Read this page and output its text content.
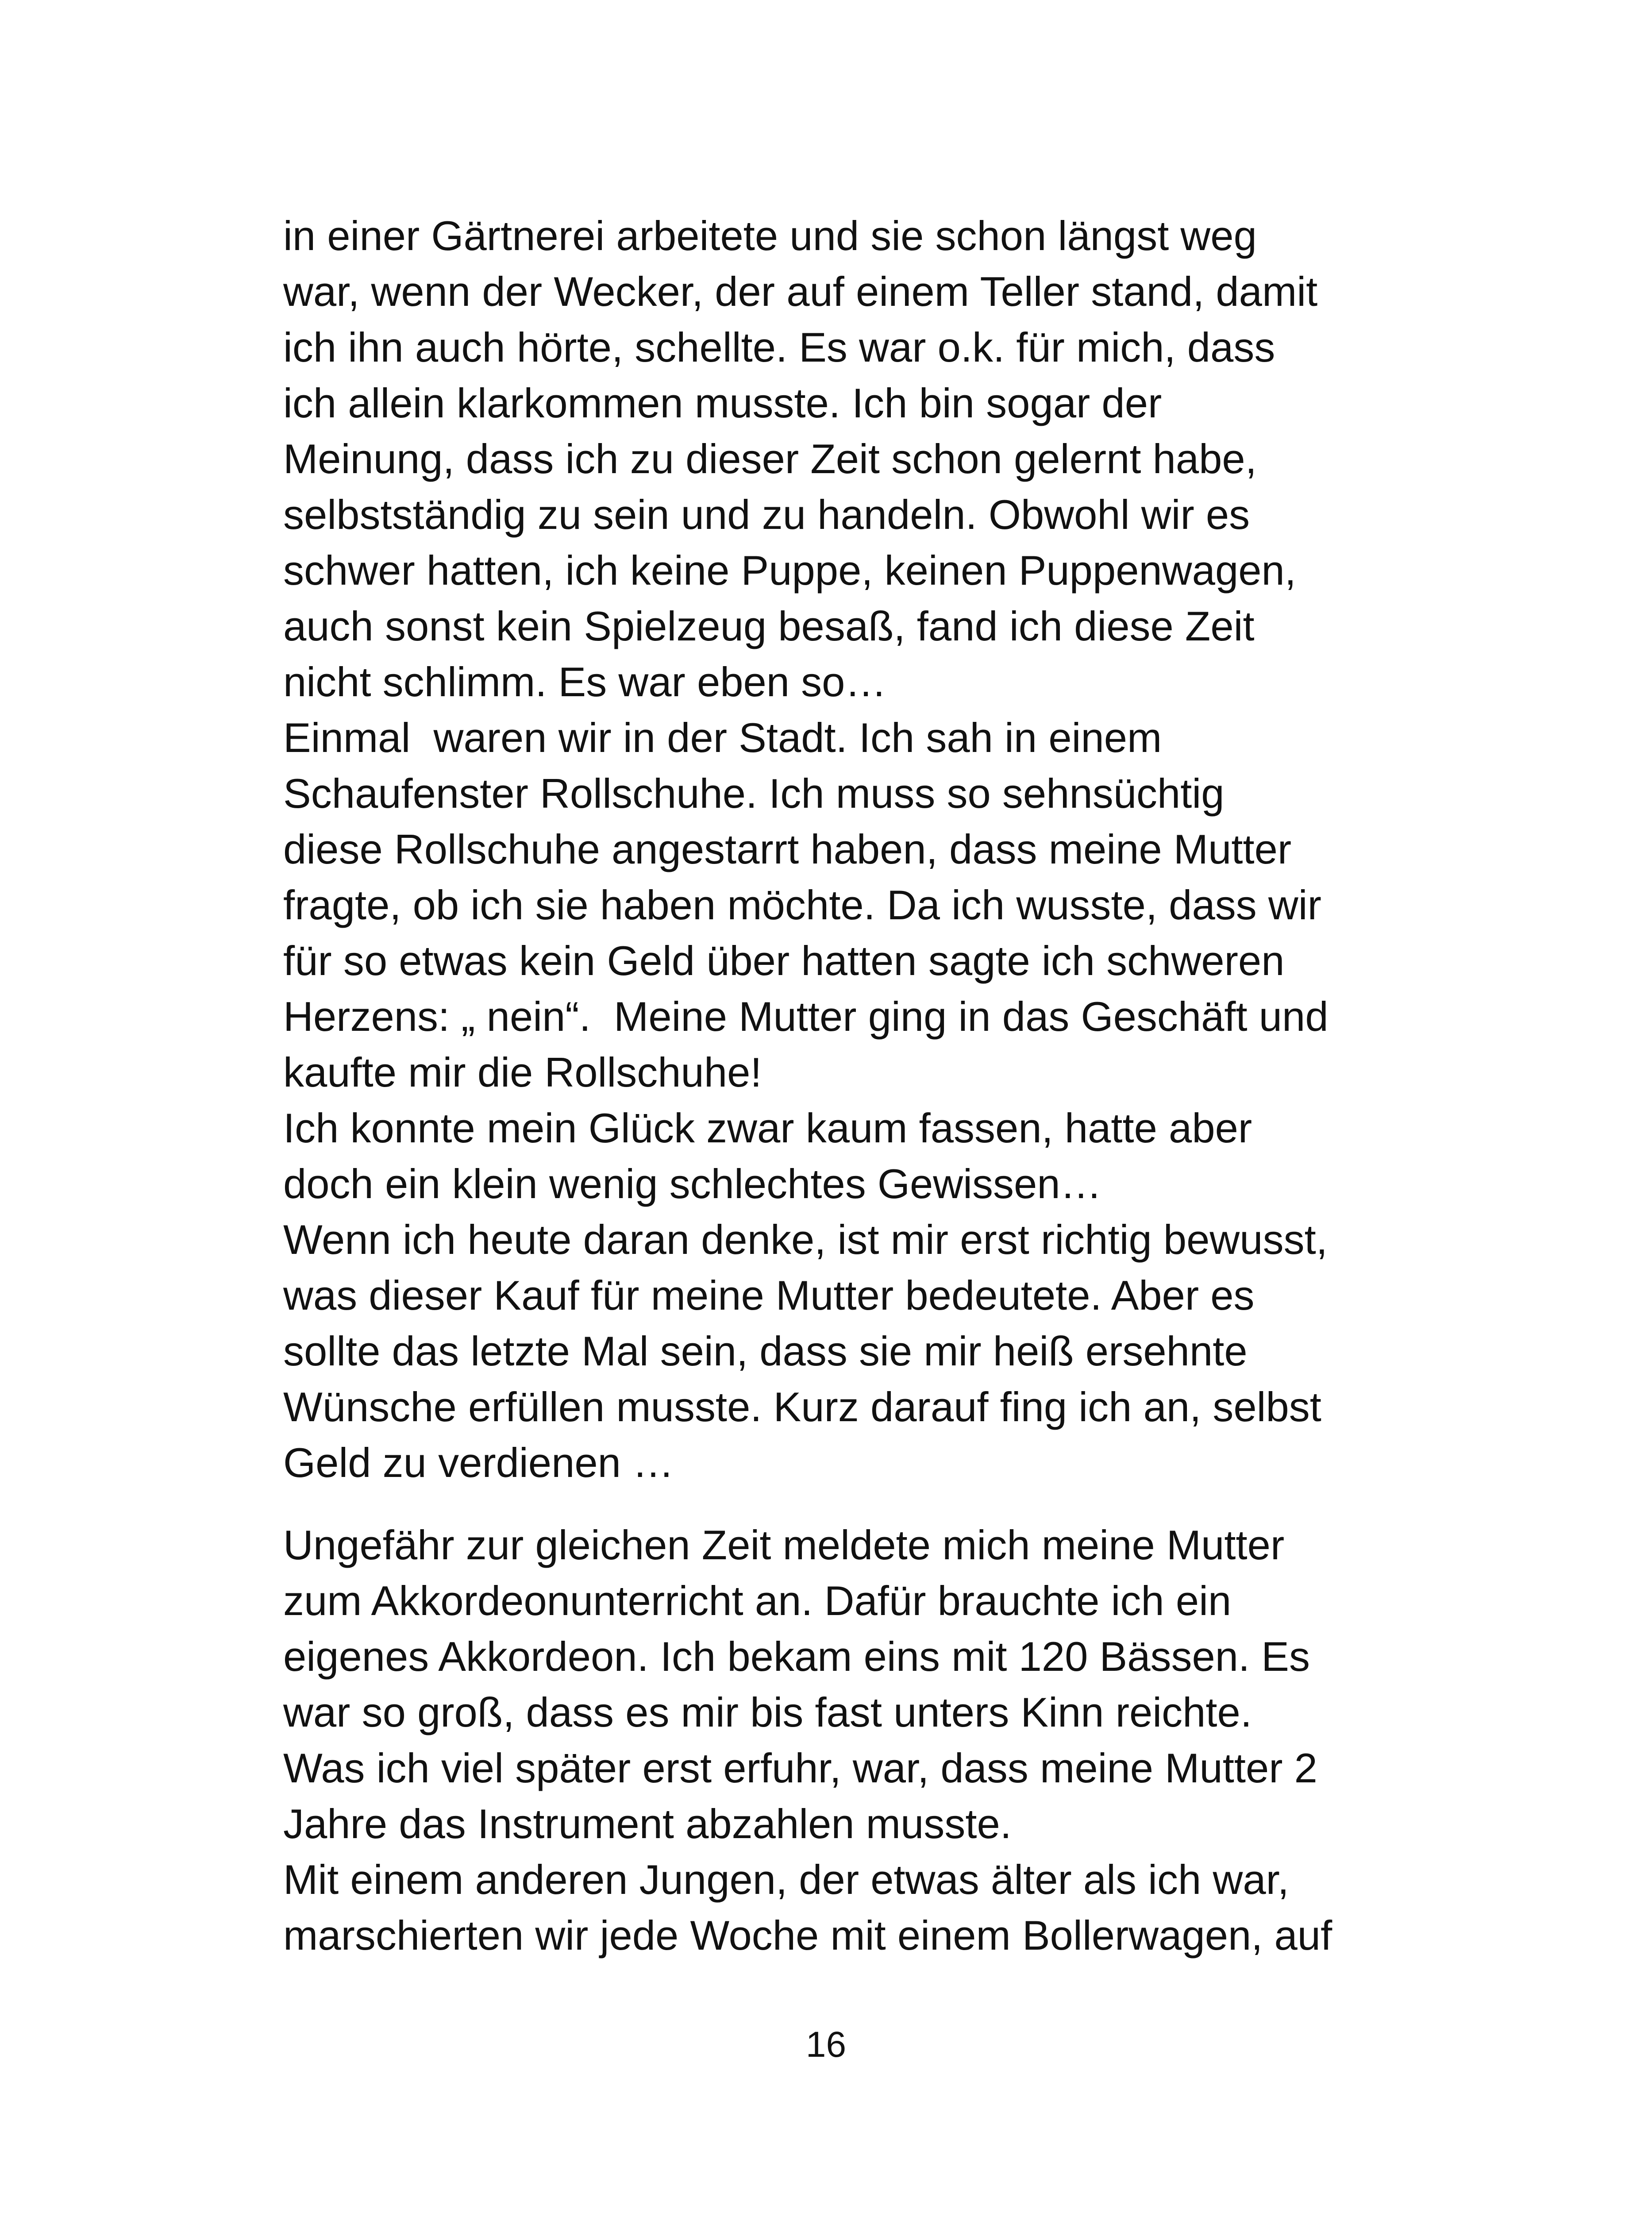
in einer Gärtnerei arbeitete und sie schon längst weg
war, wenn der Wecker, der auf einem Teller stand, damit
ich ihn auch hörte, schellte. Es war o.k. für mich, dass
ich allein klarkommen musste. Ich bin sogar der
Meinung, dass ich zu dieser Zeit schon gelernt habe,
selbstständig zu sein und zu handeln. Obwohl wir es
schwer hatten, ich keine Puppe, keinen Puppenwagen,
auch sonst kein Spielzeug besaß, fand ich diese Zeit
nicht schlimm. Es war eben so…
Einmal  waren wir in der Stadt. Ich sah in einem
Schaufenster Rollschuhe. Ich muss so sehnsüchtig
diese Rollschuhe angestarrt haben, dass meine Mutter
fragte, ob ich sie haben möchte. Da ich wusste, dass wir
für so etwas kein Geld über hatten sagte ich schweren
Herzens: „ nein“.  Meine Mutter ging in das Geschäft und
kaufte mir die Rollschuhe!
Ich konnte mein Glück zwar kaum fassen, hatte aber
doch ein klein wenig schlechtes Gewissen…
Wenn ich heute daran denke, ist mir erst richtig bewusst,
was dieser Kauf für meine Mutter bedeutete. Aber es
sollte das letzte Mal sein, dass sie mir heiß ersehnte
Wünsche erfüllen musste. Kurz darauf fing ich an, selbst
Geld zu verdienen …
Ungefähr zur gleichen Zeit meldete mich meine Mutter
zum Akkordeonunterricht an. Dafür brauchte ich ein
eigenes Akkordeon. Ich bekam eins mit 120 Bässen. Es
war so groß, dass es mir bis fast unters Kinn reichte.
Was ich viel später erst erfuhr, war, dass meine Mutter 2
Jahre das Instrument abzahlen musste.
Mit einem anderen Jungen, der etwas älter als ich war,
marschierten wir jede Woche mit einem Bollerwagen, auf
16
